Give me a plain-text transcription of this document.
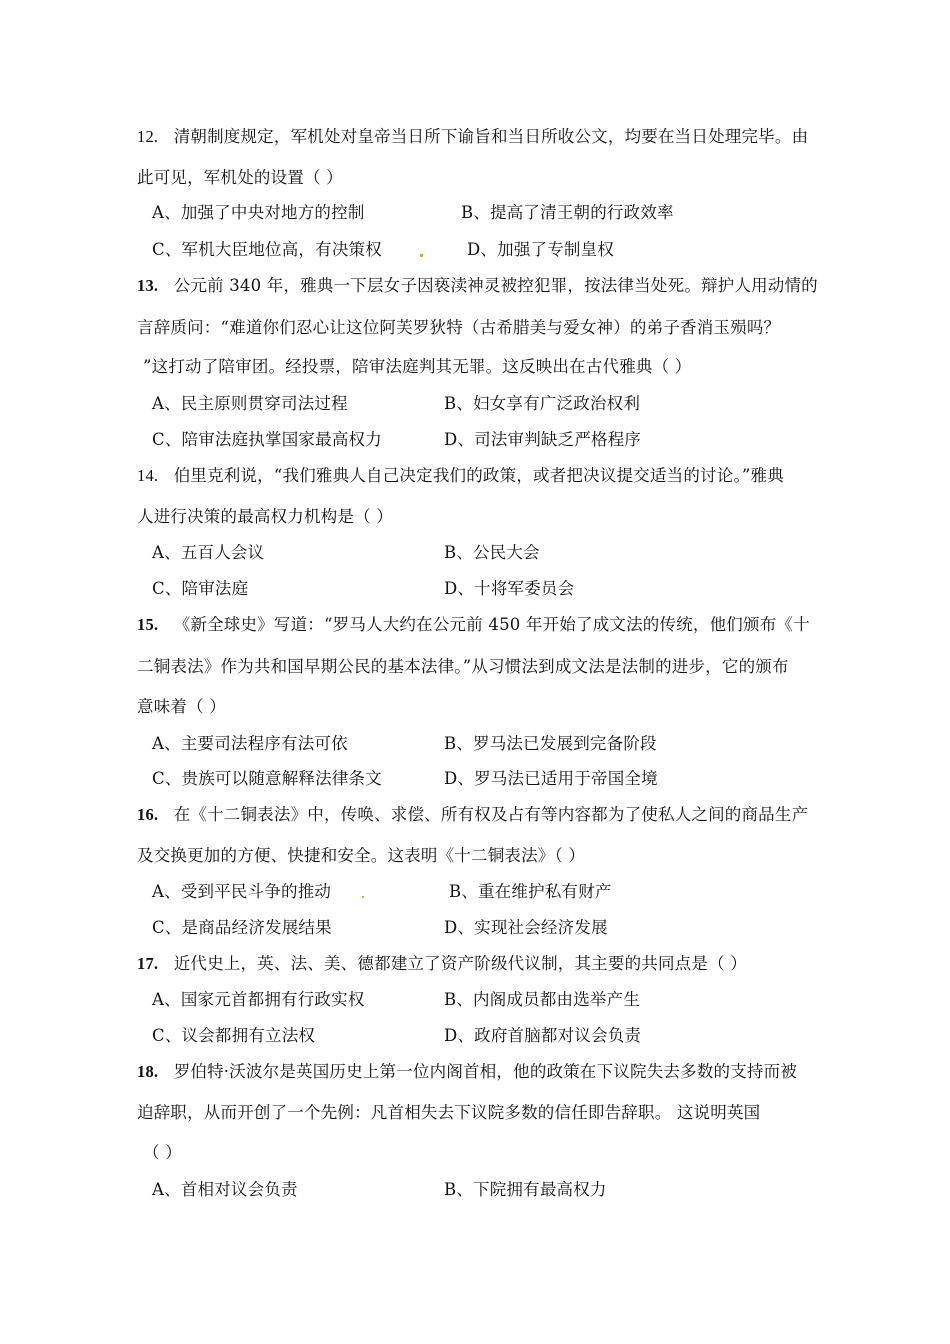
12. 清朝制度规定，军机处对皇帝当日所下谕旨和当日所收公文，均要在当日处理完毕。由
此可见，军机处的设置（ ）
A、加强了中央对地方的控制	B、提高了清王朝的行政效率
C、军机大臣地位高，有决策权	D、加强了专制皇权
13. 公元前 340 年，雅典一下层女子因亵渎神灵被控犯罪，按法律当处死。辩护人用动情的
言辞质问：“难道你们忍心让这位阿芙罗狄特（古希腊美与爱女神）的弟子香消玉殒吗？
”这打动了陪审团。经投票，陪审法庭判其无罪。这反映出在古代雅典（ ）
A、民主原则贯穿司法过程	B、妇女享有广泛政治权利
C、陪审法庭执掌国家最高权力	D、司法审判缺乏严格程序
14. 伯里克利说，“我们雅典人自己决定我们的政策，或者把决议提交适当的讨论。”雅典
人进行决策的最高权力机构是（ ）
A、五百人会议	B、公民大会
C、陪审法庭	D、十将军委员会
15. 《新全球史》写道：“罗马人大约在公元前 450 年开始了成文法的传统，他们颁布《十
二铜表法》作为共和国早期公民的基本法律。”从习惯法到成文法是法制的进步，它的颁布
意味着（ ）
A、主要司法程序有法可依	B、罗马法已发展到完备阶段
C、贵族可以随意解释法律条文	D、罗马法已适用于帝国全境
16. 在《十二铜表法》中，传唤、求偿、所有权及占有等内容都为了使私人之间的商品生产
及交换更加的方便、快捷和安全。这表明《十二铜表法》（ ）
A、受到平民斗争的推动	B、重在维护私有财产
C、是商品经济发展结果	D、实现社会经济发展
17. 近代史上，英、法、美、德都建立了资产阶级代议制，其主要的共同点是（ ）
A、国家元首都拥有行政实权	B、内阁成员都由选举产生
C、议会都拥有立法权	D、政府首脑都对议会负责
18. 罗伯特·沃波尔是英国历史上第一位内阁首相，他的政策在下议院失去多数的支持而被
迫辞职，从而开创了一个先例：凡首相失去下议院多数的信任即告辞职。 这说明英国
（ ）
A、首相对议会负责	B、下院拥有最高权力
